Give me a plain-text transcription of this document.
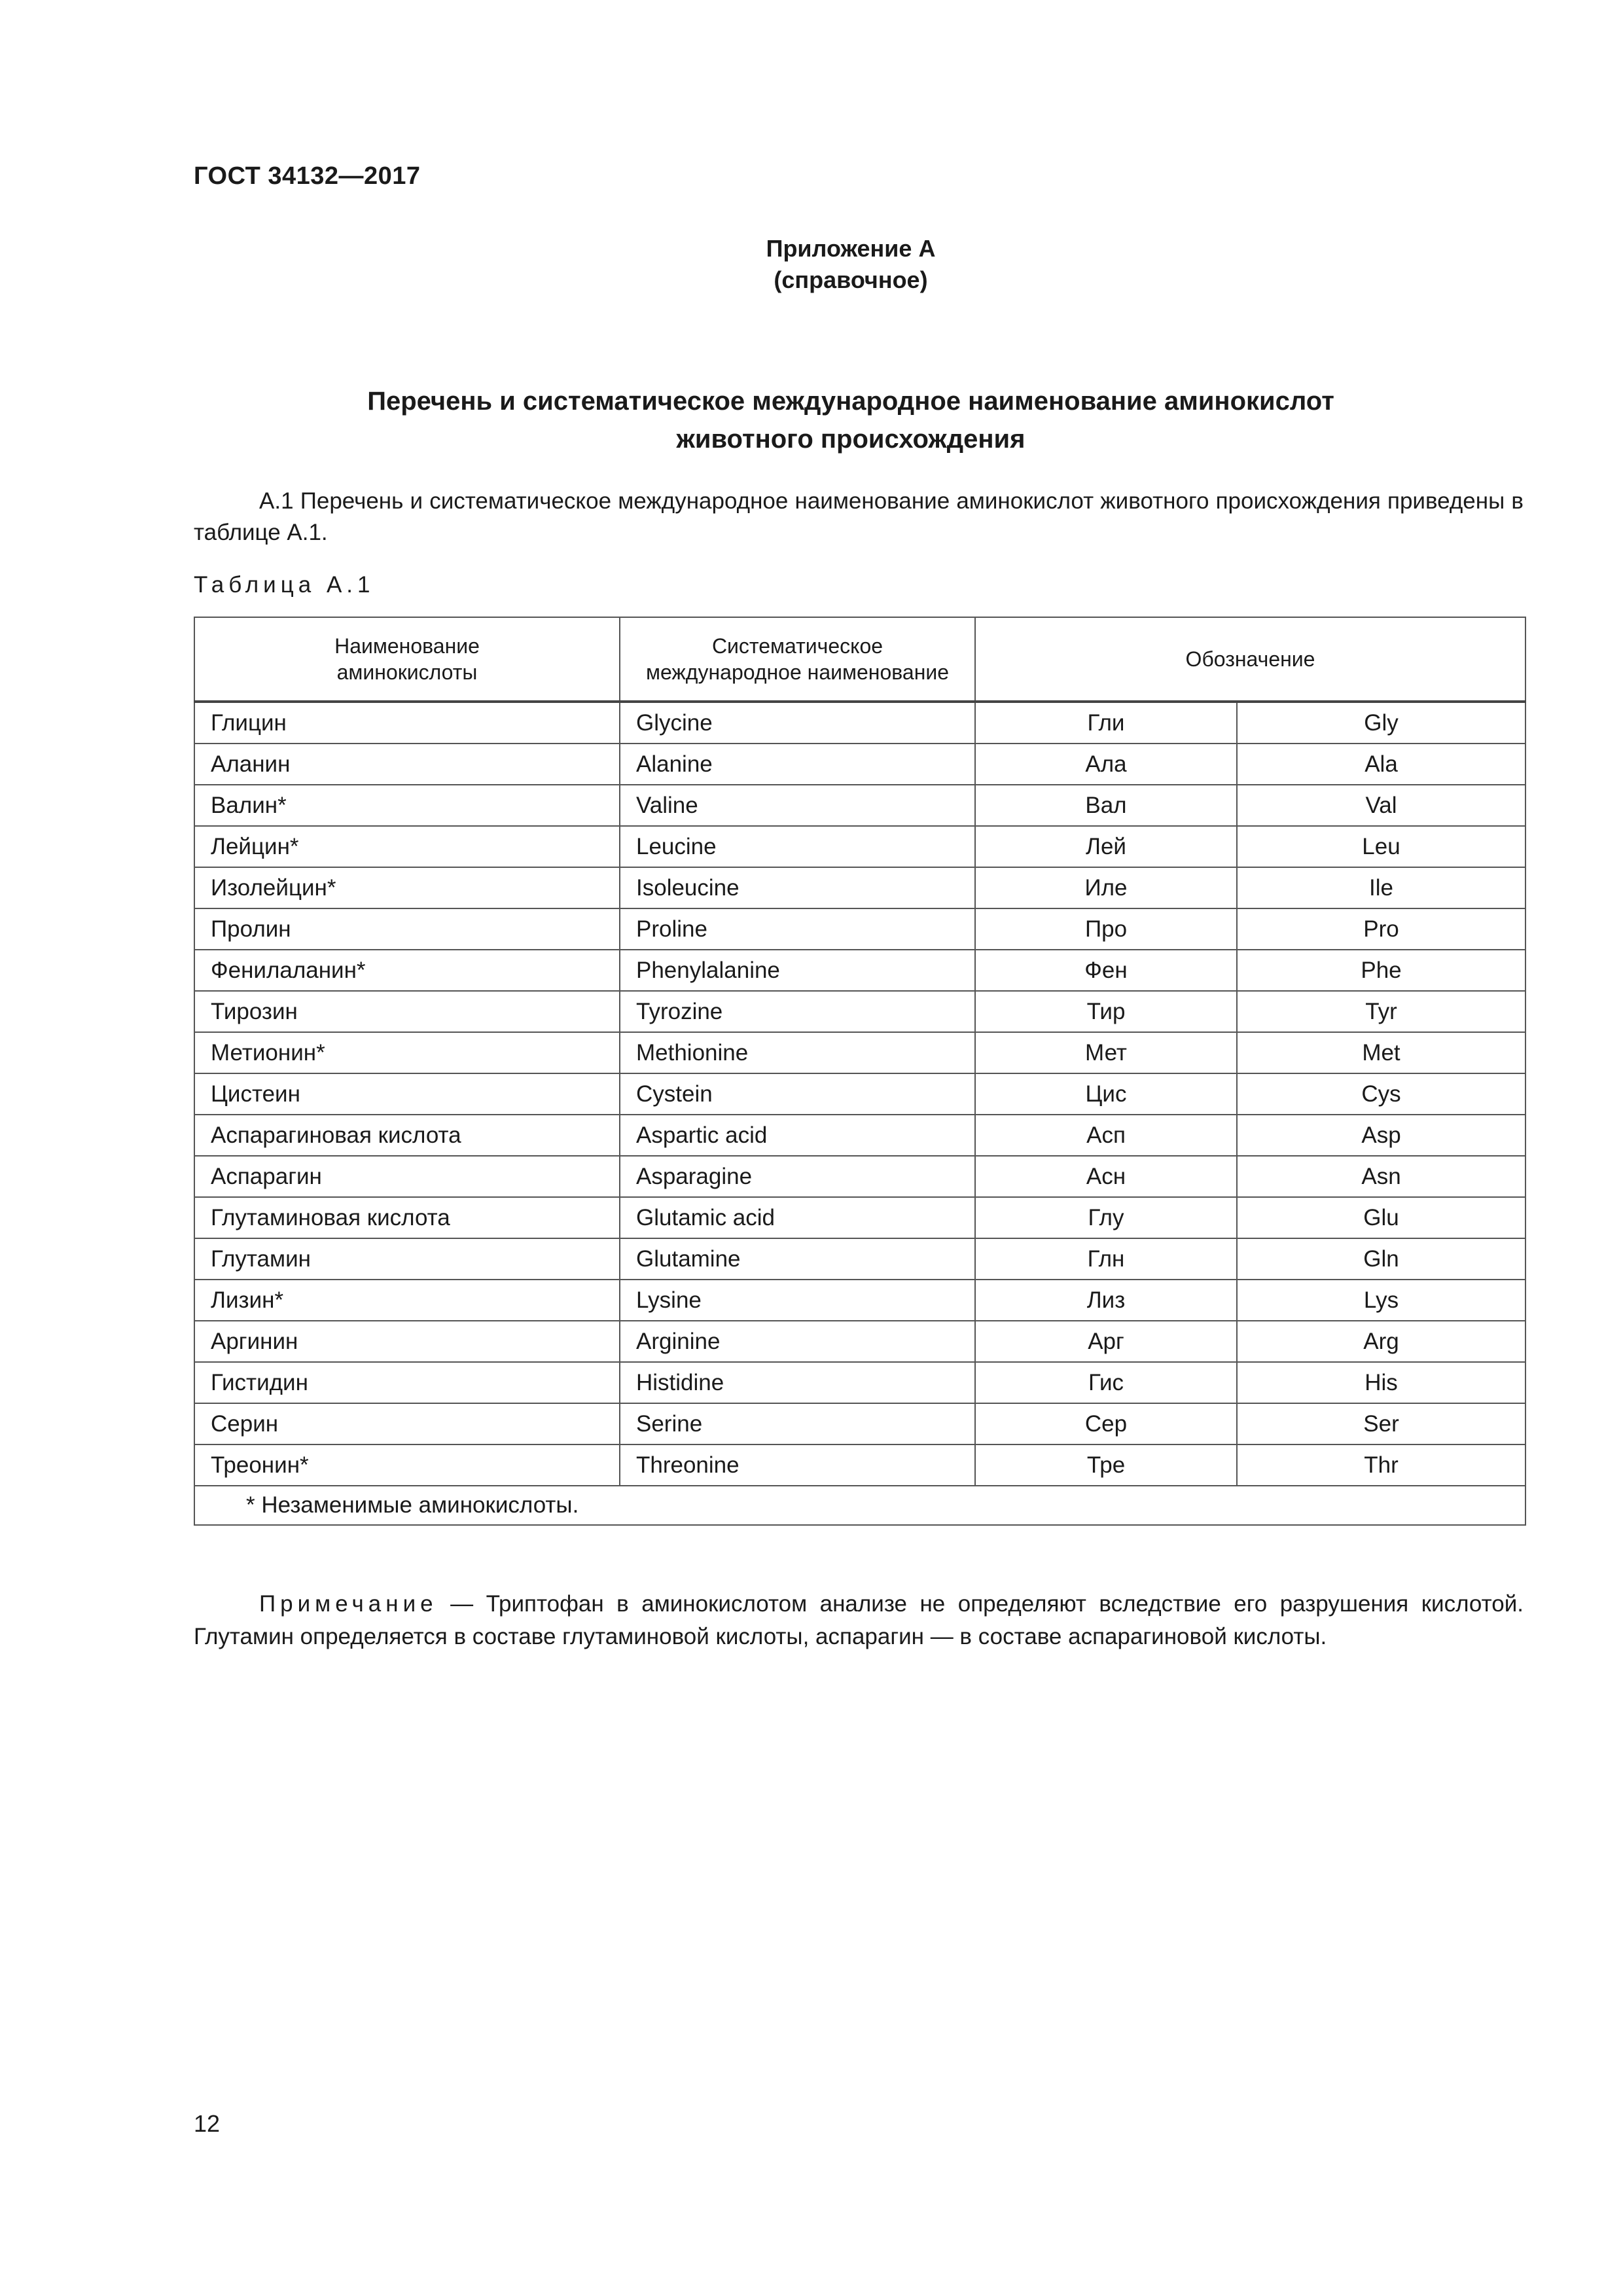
ГОСТ 34132—2017
Приложение А
(справочное)
Перечень и систематическое международное наименование аминокислот
животного происхождения
А.1 Перечень и систематическое международное наименование аминокислот животного происхождения приведены в таблице А.1.
Таблица А.1
Наименование аминокислоты	Систематическое международное наименование	Обозначение	
Глицин	Glycine	Гли	Gly
Аланин	Alanine	Ала	Ala
Валин*	Valine	Вал	Val
Лейцин*	Leucine	Лей	Leu
Изолейцин*	Isoleucine	Иле	Ile
Пролин	Proline	Про	Pro
Фенилаланин*	Phenylalanine	Фен	Phe
Тирозин	Tyrozine	Тир	Tyr
Метионин*	Methionine	Мет	Met
Цистеин	Cystein	Цис	Cys
Аспарагиновая кислота	Aspartic acid	Асп	Asp
Аспарагин	Asparagine	Асн	Asn
Глутаминовая кислота	Glutamic acid	Глу	Glu
Глутамин	Glutamine	Глн	Gln
Лизин*	Lysine	Лиз	Lys
Аргинин	Arginine	Арг	Arg
Гистидин	Histidine	Гис	His
Серин	Serine	Сер	Ser
Треонин*	Threonine	Тре	Thr
* Незаменимые аминокислоты.			
Примечание — Триптофан в аминокислотом анализе не определяют вследствие его разрушения кислотой. Глутамин определяется в составе глутаминовой кислоты, аспарагин — в составе аспарагиновой кислоты.
12
